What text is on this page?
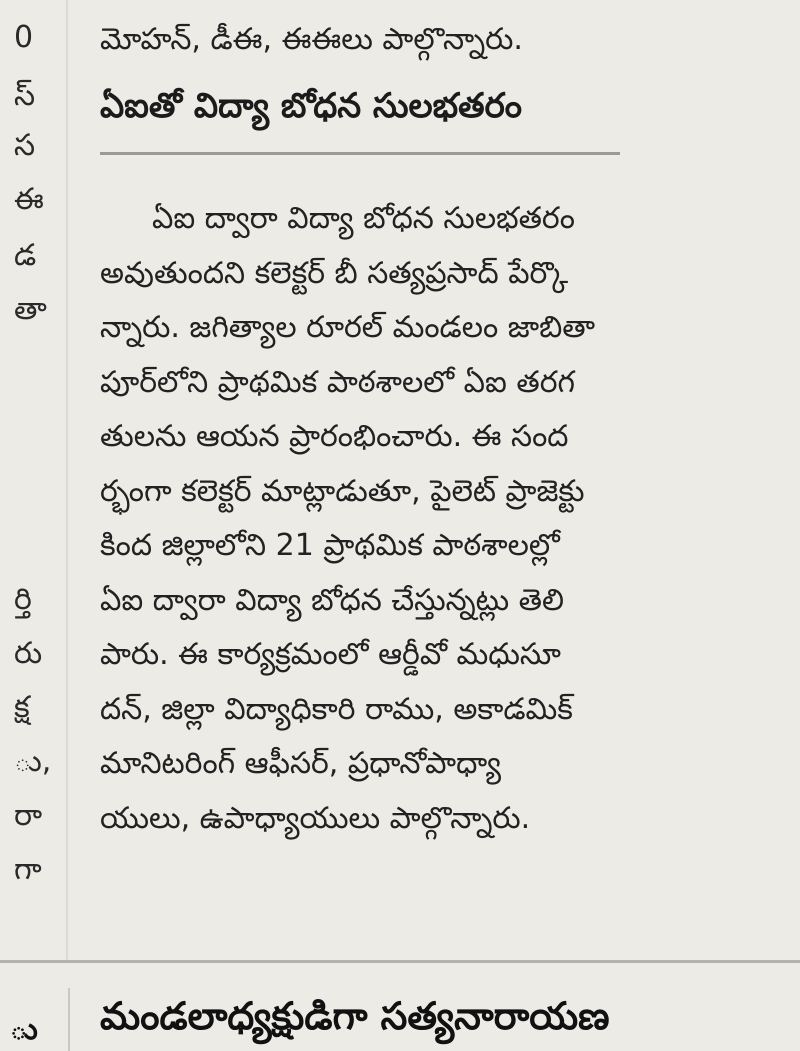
0
స్
స
ఈ
డ
తా
ర్తి
రు
క్ష
ు,
రా
గా
మోహన్, డీఈ, ఈఈలు పాల్గొన్నారు.
ఏఐతో విద్యా బోధన సులభతరం
ఏఐ ద్వారా విద్యా బోధన సులభతరం
అవుతుందని కలెక్టర్ బీ సత్యప్రసాద్ పేర్కొ
న్నారు. జగిత్యాల రూరల్ మండలం జాబితా
పూర్‌లోని ప్రాథమిక పాఠశాలలో ఏఐ తరగ
తులను ఆయన ప్రారంభించారు. ఈ సంద
ర్భంగా కలెక్టర్ మాట్లాడుతూ, పైలెట్ ప్రాజెక్టు
కింద జిల్లాలోని 21 ప్రాథమిక పాఠశాలల్లో
ఏఐ ద్వారా విద్యా బోధన చేస్తున్నట్లు తెలి
పారు. ఈ కార్యక్రమంలో ఆర్డీవో మధుసూ
దన్, జిల్లా విద్యాధికారి రాము, అకాడమిక్
మానిటరింగ్ ఆఫీసర్, ప్రధానోపాధ్యా
యులు, ఉపాధ్యాయులు పాల్గొన్నారు.
ు మండలాధ్యక్షుడిగా సత్యనారాయణ
